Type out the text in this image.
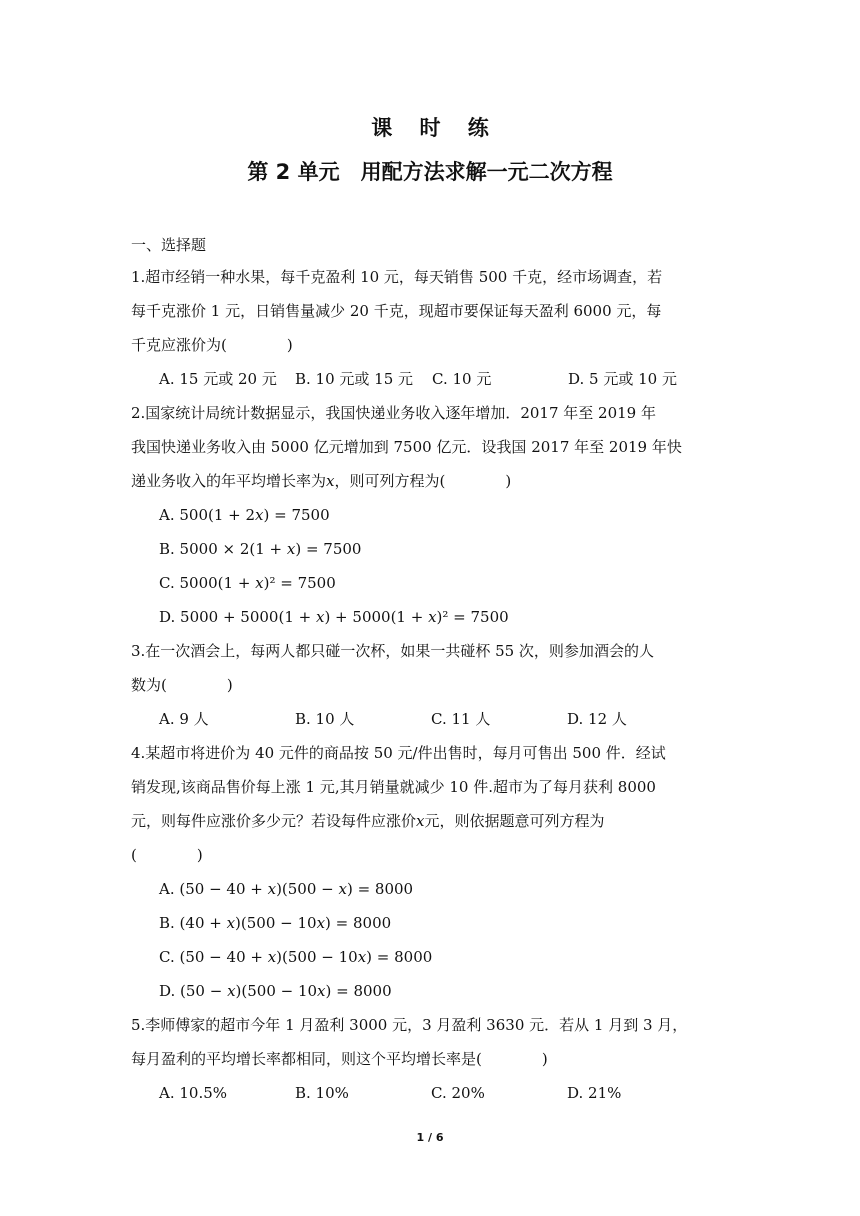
课 时 练
第 2 单元　用配方法求解一元二次方程
一、选择题
1.超市经销一种水果，每千克盈利 10 元，每天销售 500 千克，经市场调查，若
每千克涨价 1 元，日销售量减少 20 千克，现超市要保证每天盈利 6000 元，每
千克应涨价为(　　　　)
A. 15 元或 20 元	B. 10 元或 15 元	C. 10 元	D. 5 元或 10 元
2.国家统计局统计数据显示，我国快递业务收入逐年增加．2017 年至 2019 年
我国快递业务收入由 5000 亿元增加到 7500 亿元．设我国 2017 年至 2019 年快
递业务收入的年平均增长率为𝑥，则可列方程为(　　　　)
A. 500(1 + 2𝑥) = 7500
B. 5000 × 2(1 + 𝑥) = 7500
C. 5000(1 + 𝑥)² = 7500
D. 5000 + 5000(1 + 𝑥) + 5000(1 + 𝑥)² = 7500
3.在一次酒会上，每两人都只碰一次杯，如果一共碰杯 55 次，则参加酒会的人
数为(　　　　)
A. 9 人	B. 10 人	C. 11 人	D. 12 人
4.某超市将进价为 40 元件的商品按 50 元/件出售时，每月可售出 500 件．经试
销发现,该商品售价每上涨 1 元,其月销量就减少 10 件.超市为了每月获利 8000
元，则每件应涨价多少元？若设每件应涨价𝑥元，则依据题意可列方程为
(　　　　)
A. (50 − 40 + 𝑥)(500 − 𝑥) = 8000
B. (40 + 𝑥)(500 − 10𝑥) = 8000
C. (50 − 40 + 𝑥)(500 − 10𝑥) = 8000
D. (50 − 𝑥)(500 − 10𝑥) = 8000
5.李师傅家的超市今年 1 月盈利 3000 元，3 月盈利 3630 元．若从 1 月到 3 月，
每月盈利的平均增长率都相同，则这个平均增长率是(　　　　)
A. 10.5%	B. 10%	C. 20%	D. 21%
1 / 6
